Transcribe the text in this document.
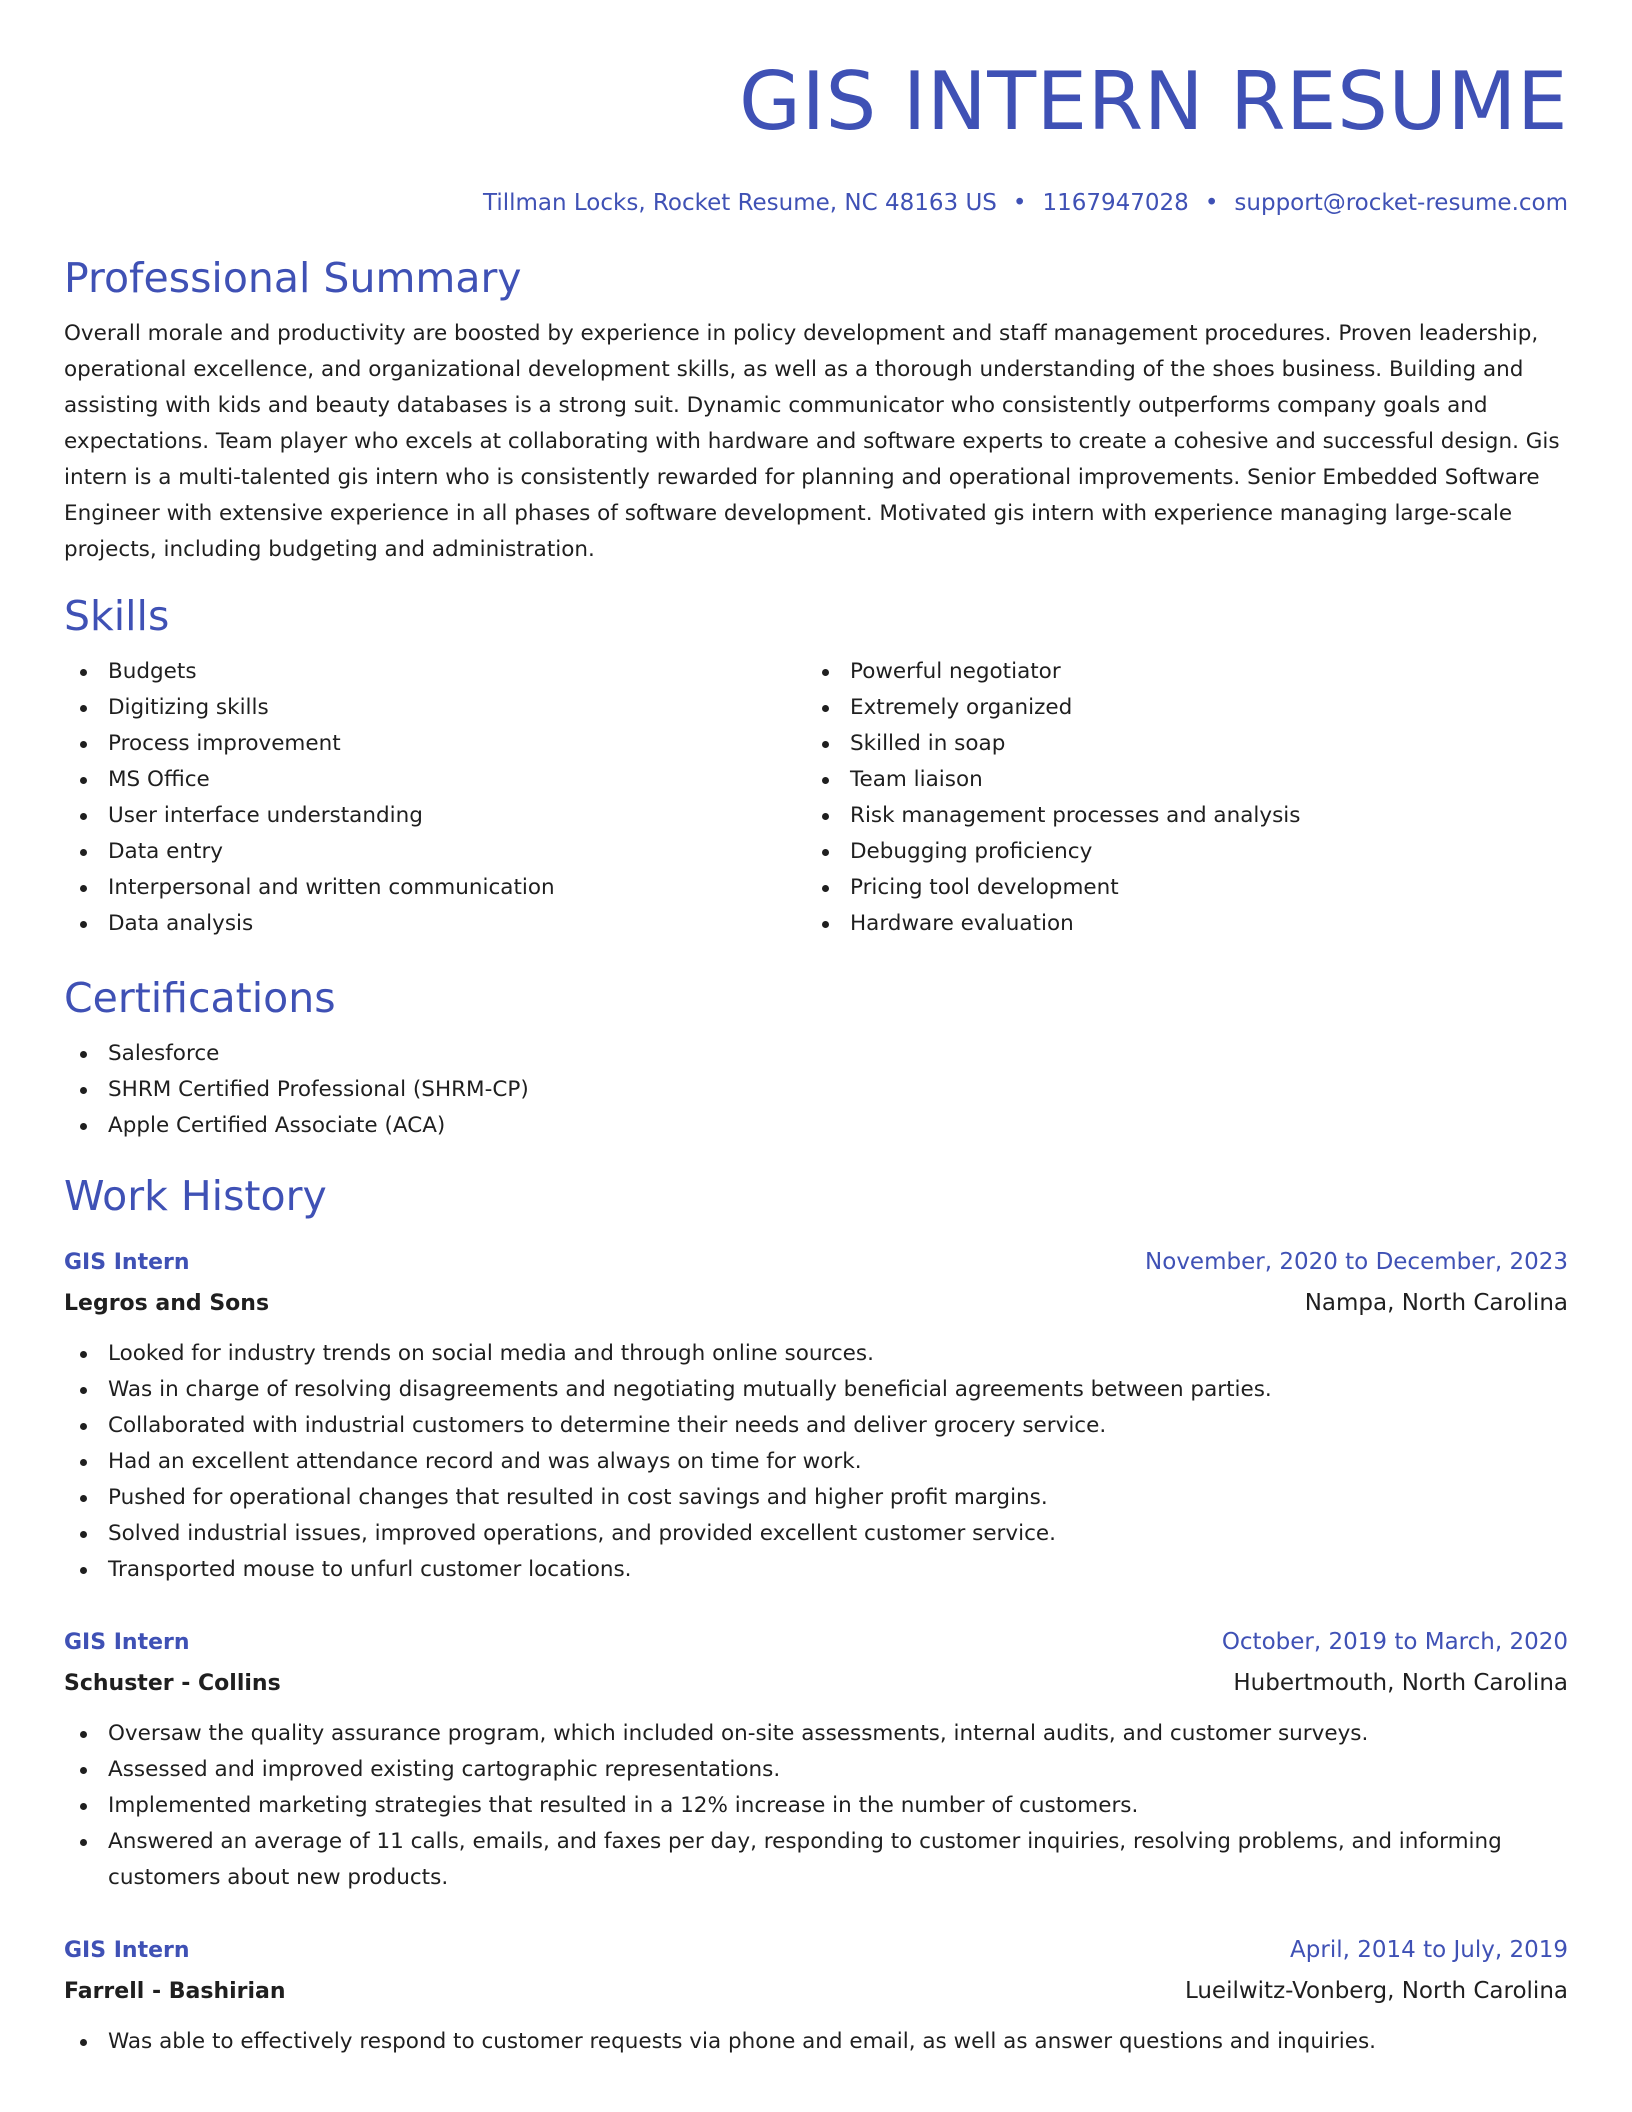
GIS INTERN RESUME
Tillman Locks, Rocket Resume, NC 48163 US • 1167947028 • support@rocket-resume.com
Professional Summary

Overall morale and productivity are boosted by experience in policy development and staff management procedures. Proven leadership, operational excellence, and organizational development skills, as well as a thorough understanding of the shoes business. Building and assisting with kids and beauty databases is a strong suit. Dynamic communicator who consistently outperforms company goals and expectations. Team player who excels at collaborating with hardware and software experts to create a cohesive and successful design. Gis intern is a multi-talented gis intern who is consistently rewarded for planning and operational improvements. Senior Embedded Software Engineer with extensive experience in all phases of software development. Motivated gis intern with experience managing large-scale projects, including budgeting and administration.

Skills
Budgets
Digitizing skills
Process improvement
MS Office
User interface understanding
Data entry
Interpersonal and written communication
Data analysis
Powerful negotiator
Extremely organized
Skilled in soap
Team liaison
Risk management processes and analysis
Debugging proficiency
Pricing tool development
Hardware evaluation
Certifications
Salesforce
SHRM Certified Professional (SHRM-CP)
Apple Certified Associate (ACA)
Work History
GIS Intern	November, 2020 to December, 2023
Legros and Sons	Nampa, North Carolina
Looked for industry trends on social media and through online sources.
Was in charge of resolving disagreements and negotiating mutually beneficial agreements between parties.
Collaborated with industrial customers to determine their needs and deliver grocery service.
Had an excellent attendance record and was always on time for work.
Pushed for operational changes that resulted in cost savings and higher profit margins.
Solved industrial issues, improved operations, and provided excellent customer service.
Transported mouse to unfurl customer locations.
GIS Intern	October, 2019 to March, 2020
Schuster - Collins	Hubertmouth, North Carolina
Oversaw the quality assurance program, which included on-site assessments, internal audits, and customer surveys.
Assessed and improved existing cartographic representations.
Implemented marketing strategies that resulted in a 12% increase in the number of customers.
Answered an average of 11 calls, emails, and faxes per day, responding to customer inquiries, resolving problems, and informing customers about new products.
GIS Intern	April, 2014 to July, 2019
Farrell - Bashirian	Lueilwitz-Vonberg, North Carolina
Was able to effectively respond to customer requests via phone and email, as well as answer questions and inquiries.
